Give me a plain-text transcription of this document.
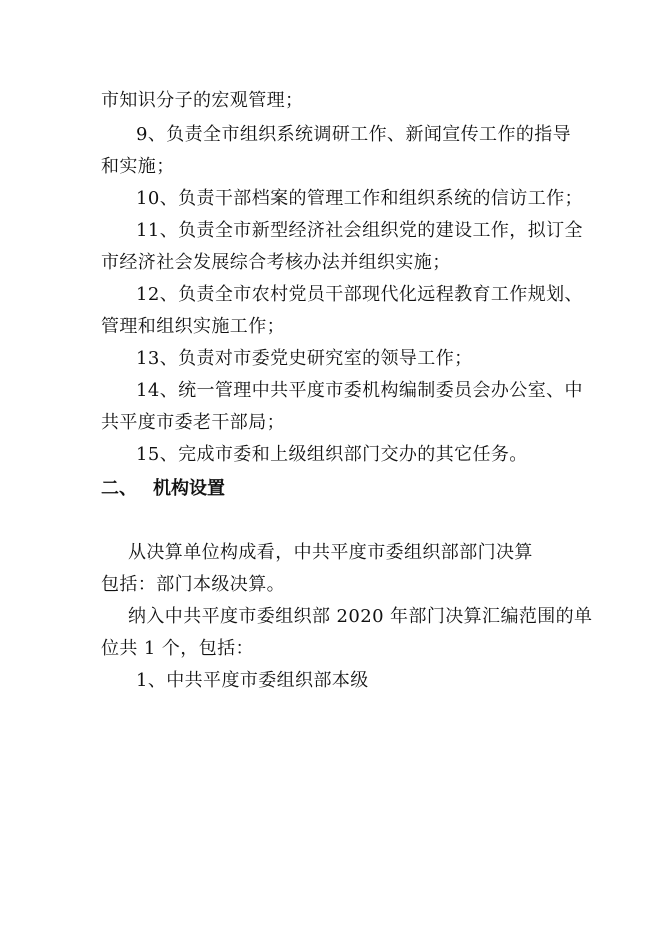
市知识分子的宏观管理；
9、负责全市组织系统调研工作、新闻宣传工作的指导
和实施；
10、负责干部档案的管理工作和组织系统的信访工作；
11、负责全市新型经济社会组织党的建设工作，拟订全
市经济社会发展综合考核办法并组织实施；
12、负责全市农村党员干部现代化远程教育工作规划、
管理和组织实施工作；
13、负责对市委党史研究室的领导工作；
14、统一管理中共平度市委机构编制委员会办公室、中
共平度市委老干部局；
15、完成市委和上级组织部门交办的其它任务。
二、 机构设置
从决算单位构成看，中共平度市委组织部部门决算
包括：部门本级决算。
纳入中共平度市委组织部 2020 年部门决算汇编范围的单
位共 1 个，包括：
1、中共平度市委组织部本级
